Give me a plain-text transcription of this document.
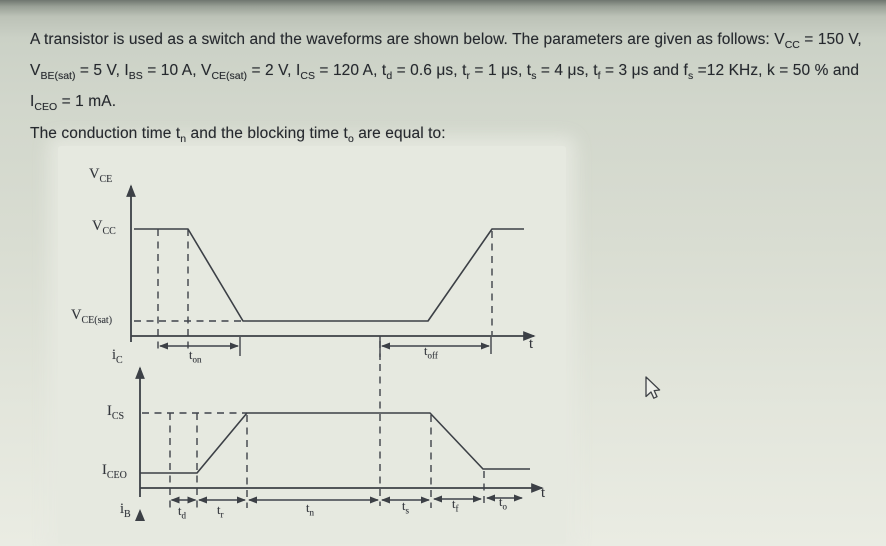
A transistor is used as a switch and the waveforms are shown below. The parameters are given as follows: $V_{CC} = 150$ V,
$V_{BE(sat)} = 5$ V, $I_{BS} = 10$ A, $V_{CE(sat)} = 2$ V, $I_{CS} = 120$ A, $t_d = 0.6$ μs, $t_r = 1$ μs, $t_s = 4$ μs, $t_f = 3$ μs and $f_s =12$ KHz, k = 50 % and
$I_{CEO} = 1$ mA.
The conduction time $t_n$ and the blocking time $t_o$ are equal to:
$V_{CE}$
$V_{CC}$
$V_{CE(sat)}$
$t_{on}$
$t_{off}$
t
$i_C$
$I_{CS}$
$I_{CEO}$
$t_d$ $t_r$	$t_n$	$t_s$	$t_f$	$t_o$
t
$i_B$
